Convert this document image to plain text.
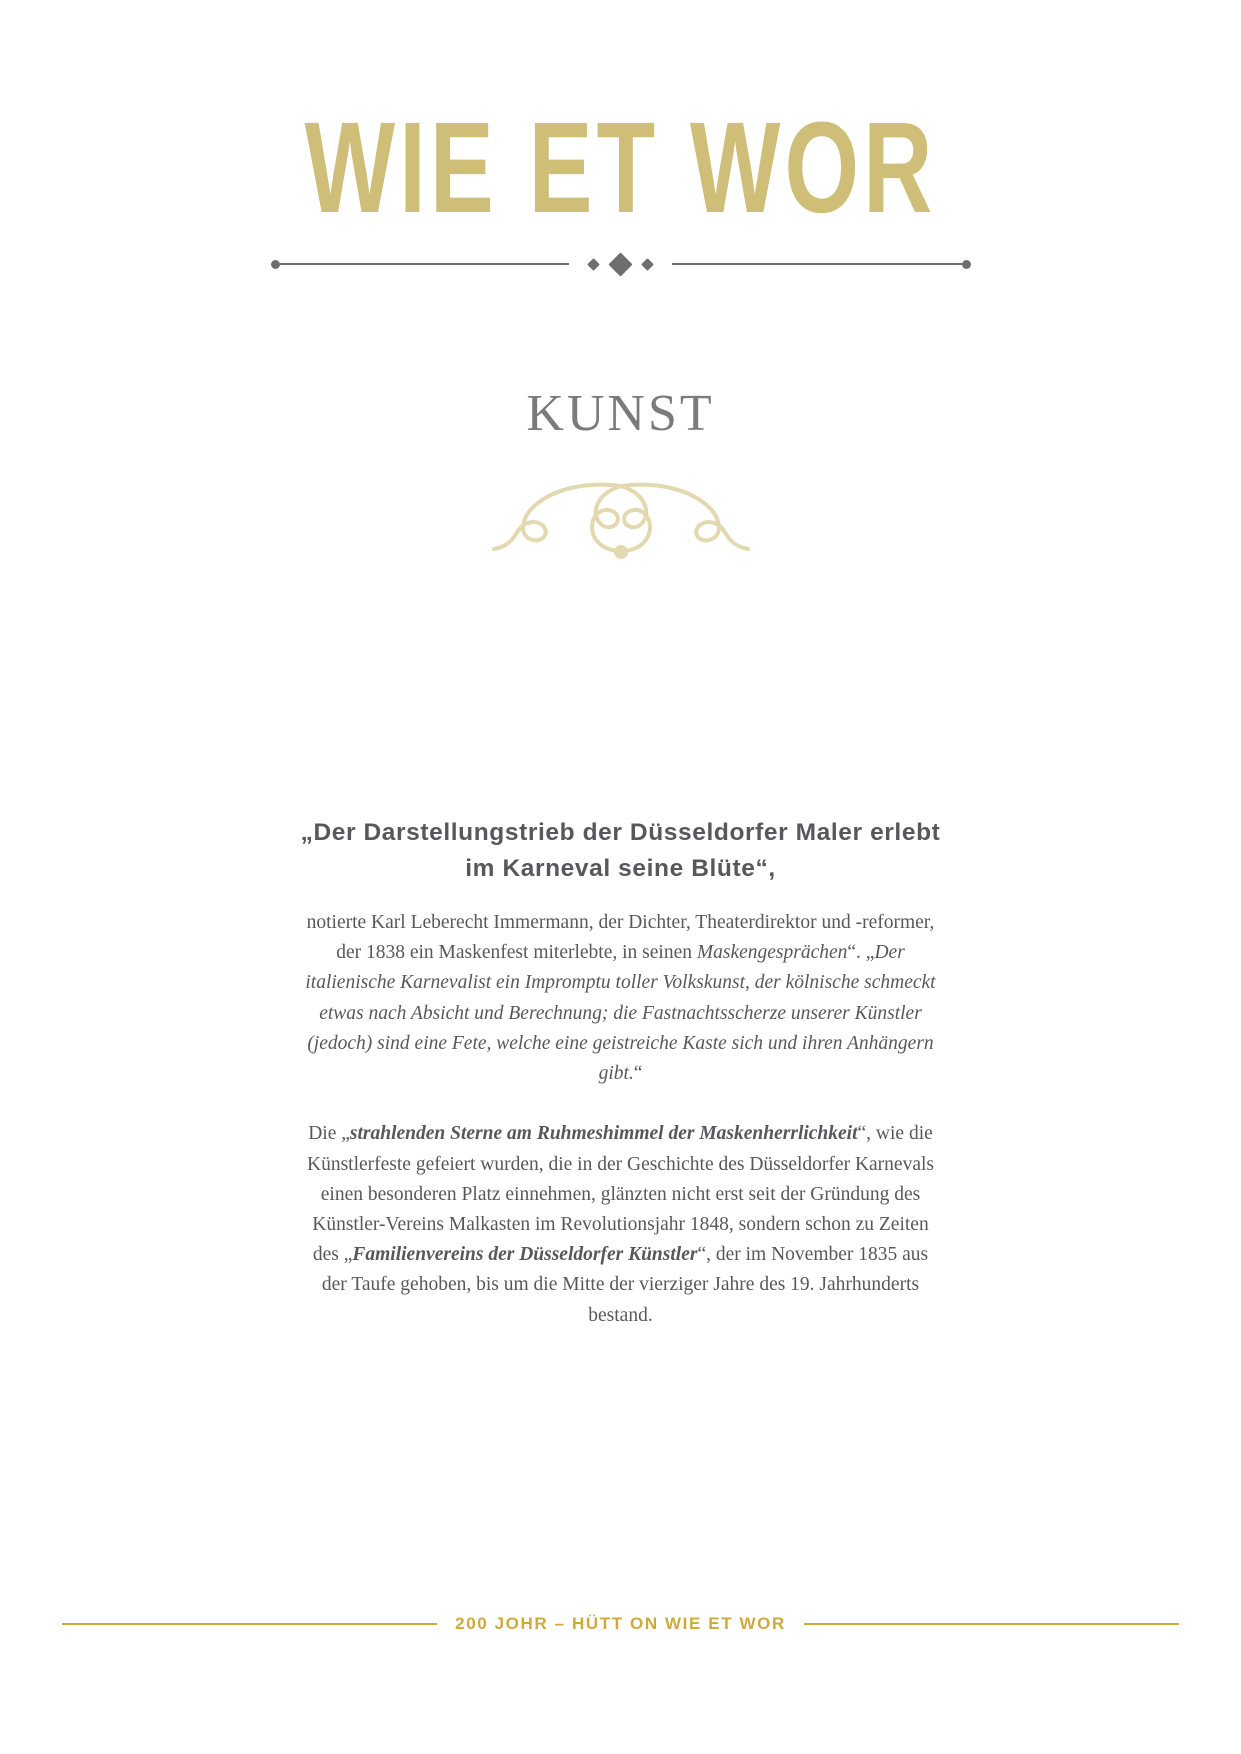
WIE ET WOR
KUNST
„Der Darstellungstrieb der Düsseldorfer Maler erlebt im Karneval seine Blüte“,

notierte Karl Leberecht Immermann, der Dichter, Theaterdirektor und -reformer, der 1838 ein Maskenfest miterlebte, in seinen Maskengesprächen“. „Der italienische Karnevalist ein Impromptu toller Volkskunst, der kölnische schmeckt etwas nach Absicht und Berechnung; die Fastnachtsscherze unserer Künstler (jedoch) sind eine Fete, welche eine geistreiche Kaste sich und ihren Anhängern gibt.“

Die „strahlenden Sterne am Ruhmeshimmel der Maskenherrlichkeit“, wie die Künstlerfeste gefeiert wurden, die in der Geschichte des Düsseldorfer Karnevals einen besonderen Platz einnehmen, glänzten nicht erst seit der Gründung des Künstler-Vereins Malkasten im Revolutionsjahr 1848, sondern schon zu Zeiten des „Familienvereins der Düsseldorfer Künstler“, der im November 1835 aus der Taufe gehoben, bis um die Mitte der vierziger Jahre des 19. Jahrhunderts bestand.

200 JOHR – HÜTT ON WIE ET WOR
